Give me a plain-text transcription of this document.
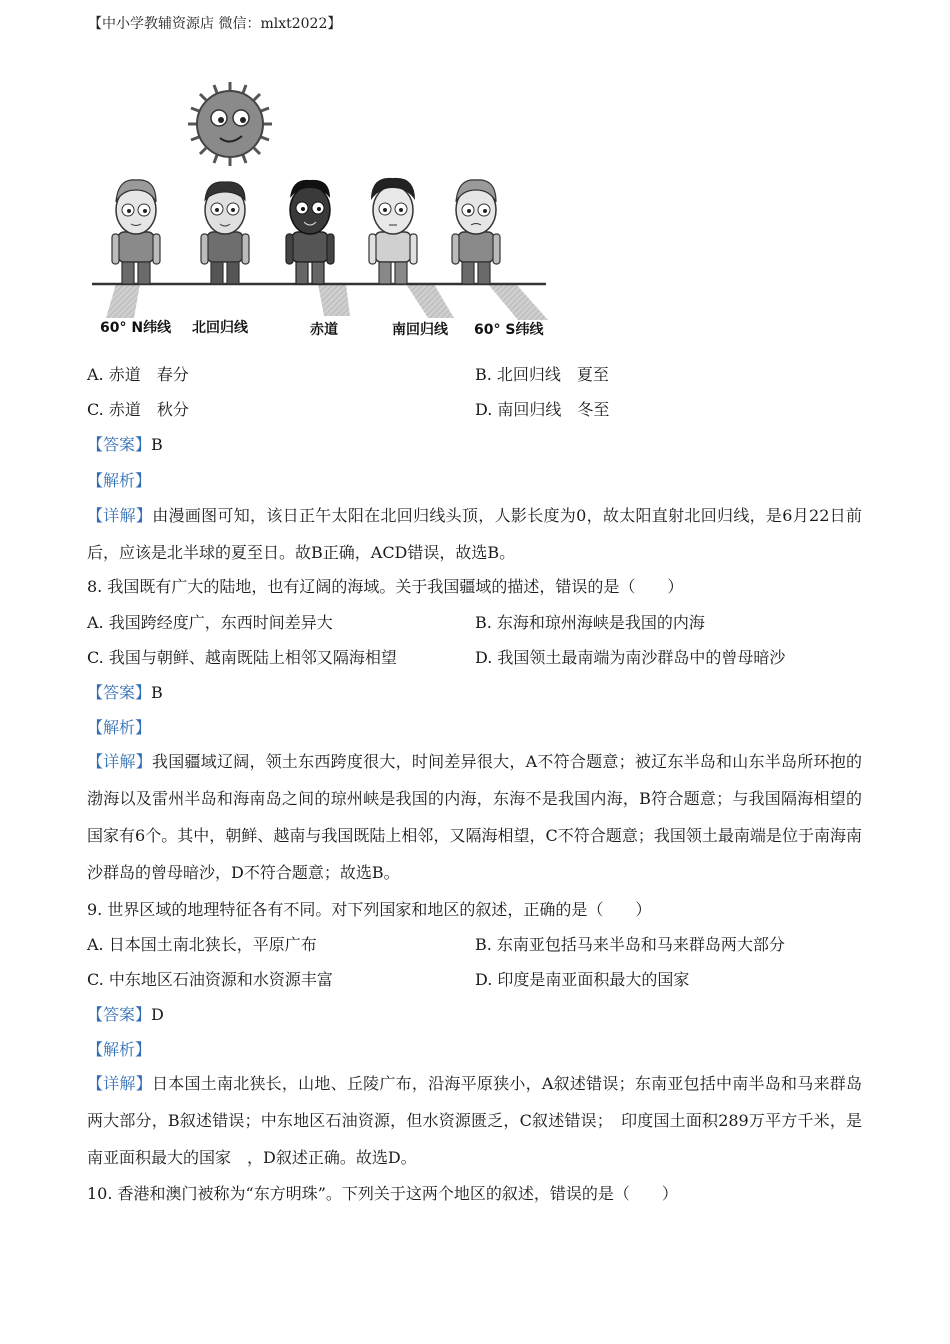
【中小学教辅资源店 微信：mlxt2022】
60° N纬线 北回归线	赤道	南回归线 60° S纬线
A. 赤道　春分	B. 北回归线　夏至
C. 赤道　秋分	D. 南回归线　冬至
【答案】B
【解析】
【详解】由漫画图可知，该日正午太阳在北回归线头顶，人影长度为0，故太阳直射北回归线，是6月22日前后，应该是北半球的夏至日。故B正确，ACD错误，故选B。
8. 我国既有广大的陆地，也有辽阔的海域。关于我国疆域的描述，错误的是（　　）
A. 我国跨经度广，东西时间差异大	B. 东海和琼州海峡是我国的内海
C. 我国与朝鲜、越南既陆上相邻又隔海相望	D. 我国领土最南端为南沙群岛中的曾母暗沙
【答案】B
【解析】
【详解】我国疆域辽阔，领土东西跨度很大，时间差异很大，A不符合题意；被辽东半岛和山东半岛所环抱的渤海以及雷州半岛和海南岛之间的琼州峡是我国的内海，东海不是我国内海，B符合题意；与我国隔海相望的国家有6个。其中，朝鲜、越南与我国既陆上相邻，又隔海相望，C不符合题意；我国领土最南端是位于南海南沙群岛的曾母暗沙，D不符合题意；故选B。
9. 世界区域的地理特征各有不同。对下列国家和地区的叙述，正确的是（　　）
A. 日本国土南北狭长，平原广布	B. 东南亚包括马来半岛和马来群岛两大部分
C. 中东地区石油资源和水资源丰富	D. 印度是南亚面积最大的国家
【答案】D
【解析】
【详解】日本国土南北狭长，山地、丘陵广布，沿海平原狭小，A叙述错误；东南亚包括中南半岛和马来群岛两大部分，B叙述错误；中东地区石油资源，但水资源匮乏，C叙述错误；　印度国土面积289万平方千米，是南亚面积最大的国家　，D叙述正确。故选D。
10. 香港和澳门被称为“东方明珠”。下列关于这两个地区的叙述，错误的是（　　）
